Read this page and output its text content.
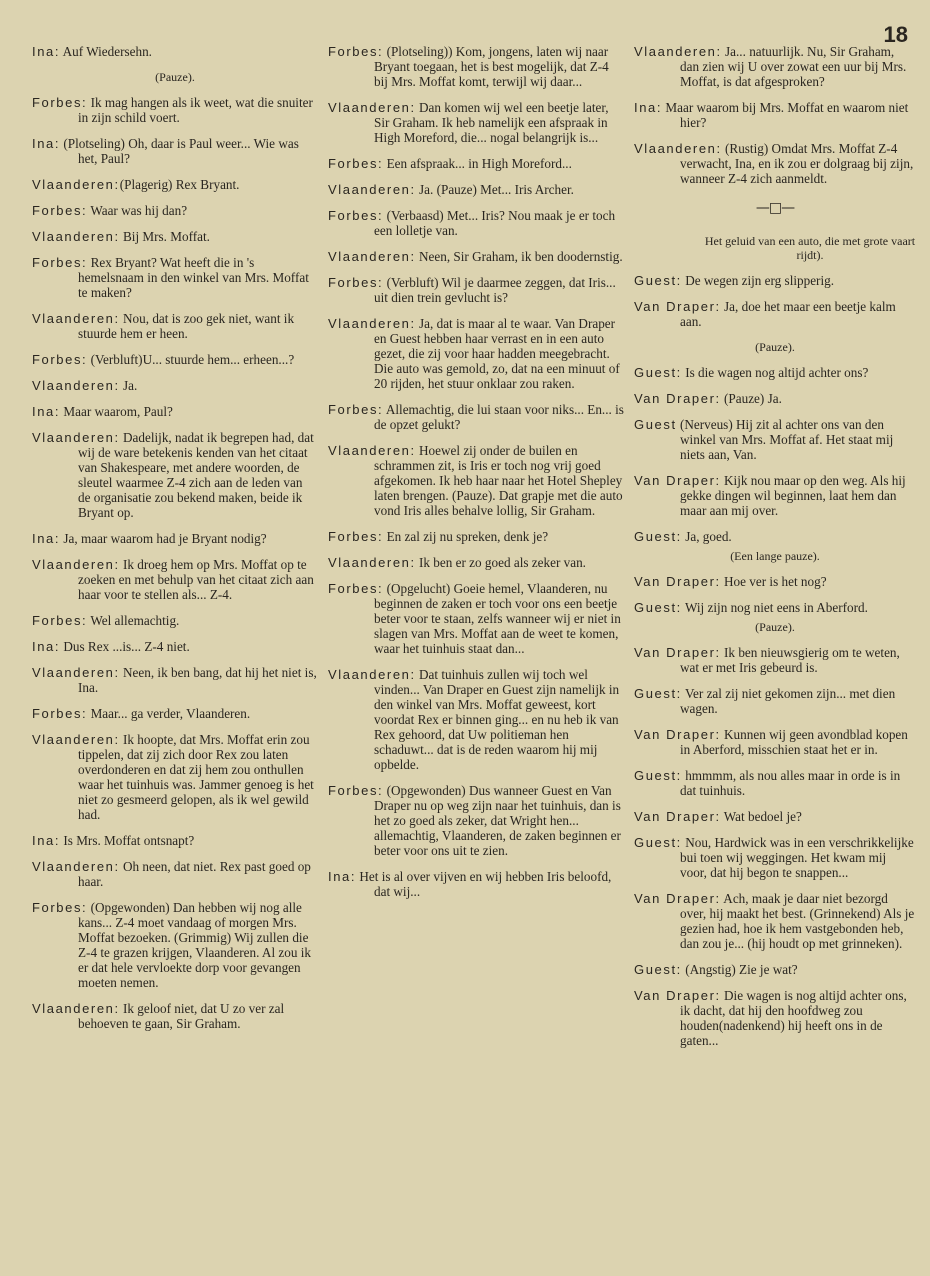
18
Ina: Auf Wiedersehn.
(Pauze).
Forbes: Ik mag hangen als ik weet, wat die snuiter in zijn schild voert.
Ina: (Plotseling) Oh, daar is Paul weer... Wie was het, Paul?
Vlaanderen:(Plagerig) Rex Bryant.
Forbes: Waar was hij dan?
Vlaanderen: Bij Mrs. Moffat.
Forbes: Rex Bryant? Wat heeft die in 's hemelsnaam in den winkel van Mrs. Moffat te maken?
Vlaanderen: Nou, dat is zoo gek niet, want ik stuurde hem er heen.
Forbes: (Verbluft)U... stuurde hem... erheen...?
Vlaanderen: Ja.
Ina: Maar waarom, Paul?
Vlaanderen: Dadelijk, nadat ik begrepen had, dat wij de ware betekenis kenden van het citaat van Shakespeare, met andere woorden, de sleutel waarmee Z-4 zich aan de leden van de organisatie zou bekend maken, beide ik Bryant op.
Ina: Ja, maar waarom had je Bryant nodig?
Vlaanderen: Ik droeg hem op Mrs. Moffat op te zoeken en met behulp van het citaat zich aan haar voor te stellen als... Z-4.
Forbes: Wel allemachtig.
Ina: Dus Rex ...is... Z-4 niet.
Vlaanderen: Neen, ik ben bang, dat hij het niet is, Ina.
Forbes: Maar... ga verder, Vlaanderen.
Vlaanderen: Ik hoopte, dat Mrs. Moffat erin zou tippelen, dat zij zich door Rex zou laten overdonderen en dat zij hem zou onthullen waar het tuinhuis was. Jammer genoeg is het niet zo gesmeerd gelopen, als ik wel gewild had.
Ina: Is Mrs. Moffat ontsnapt?
Vlaanderen: Oh neen, dat niet. Rex past goed op haar.
Forbes: (Opgewonden) Dan hebben wij nog alle kans... Z-4 moet vandaag of morgen Mrs. Moffat bezoeken. (Grimmig) Wij zullen die Z-4 te grazen krijgen, Vlaanderen. Al zou ik er dat hele vervloekte dorp voor gevangen moeten nemen.
Vlaanderen: Ik geloof niet, dat U zo ver zal behoeven te gaan, Sir Graham.
Forbes: (Plotseling)) Kom, jongens, laten wij naar Bryant toegaan, het is best mogelijk, dat Z-4 bij Mrs. Moffat komt, terwijl wij daar...
Vlaanderen: Dan komen wij wel een beetje later, Sir Graham. Ik heb namelijk een afspraak in High Moreford, die... nogal belangrijk is...
Forbes: Een afspraak... in High Moreford...
Vlaanderen: Ja. (Pauze) Met... Iris Archer.
Forbes: (Verbaasd) Met... Iris? Nou maak je er toch een lolletje van.
Vlaanderen: Neen, Sir Graham, ik ben doodernstig.
Forbes: (Verbluft) Wil je daarmee zeggen, dat Iris... uit dien trein gevlucht is?
Vlaanderen: Ja, dat is maar al te waar. Van Draper en Guest hebben haar verrast en in een auto gezet, die zij voor haar hadden meegebracht. Die auto was gemold, zo, dat na een minuut of 20 rijden, het stuur onklaar zou raken.
Forbes: Allemachtig, die lui staan voor niks... En... is de opzet gelukt?
Vlaanderen: Hoewel zij onder de builen en schrammen zit, is Iris er toch nog vrij goed afgekomen. Ik heb haar naar het Hotel Shepley laten brengen. (Pauze). Dat grapje met die auto vond Iris alles behalve lollig, Sir Graham.
Forbes: En zal zij nu spreken, denk je?
Vlaanderen: Ik ben er zo goed als zeker van.
Forbes: (Opgelucht) Goeie hemel, Vlaanderen, nu beginnen de zaken er toch voor ons een beetje beter voor te staan, zelfs wanneer wij er niet in slagen van Mrs. Moffat aan de weet te komen, waar het tuinhuis staat dan...
Vlaanderen: Dat tuinhuis zullen wij toch wel vinden... Van Draper en Guest zijn namelijk in den winkel van Mrs. Moffat geweest, kort voordat Rex er binnen ging... en nu heb ik van Rex gehoord, dat Uw politieman hen schaduwt... dat is de reden waarom hij mij opbelde.
Forbes: (Opgewonden) Dus wanneer Guest en Van Draper nu op weg zijn naar het tuinhuis, dan is het zo goed als zeker, dat Wright hen... allemachtig, Vlaanderen, de zaken beginnen er beter voor ons uit te zien.
Ina: Het is al over vijven en wij hebben Iris beloofd, dat wij...
Vlaanderen: Ja... natuurlijk. Nu, Sir Graham, dan zien wij U over zowat een uur bij Mrs. Moffat, is dat afgesproken?
Ina: Maar waarom bij Mrs. Moffat en waarom niet hier?
Vlaanderen: (Rustig) Omdat Mrs. Moffat Z-4 verwacht, Ina, en ik zou er dolgraag bij zijn, wanneer Z-4 zich aanmeldt.
—□—
Het geluid van een auto, die met grote vaart rijdt).
Guest: De wegen zijn erg slipperig.
Van Draper: Ja, doe het maar een beetje kalm aan.
(Pauze).
Guest: Is die wagen nog altijd achter ons?
Van Draper: (Pauze) Ja.
Guest (Nerveus) Hij zit al achter ons van den winkel van Mrs. Moffat af. Het staat mij niets aan, Van.
Van Draper: Kijk nou maar op den weg. Als hij gekke dingen wil beginnen, laat hem dan maar aan mij over.
Guest: Ja, goed.
(Een lange pauze).
Van Draper: Hoe ver is het nog?
Guest: Wij zijn nog niet eens in Aberford.
(Pauze).
Van Draper: Ik ben nieuwsgierig om te weten, wat er met Iris gebeurd is.
Guest: Ver zal zij niet gekomen zijn... met dien wagen.
Van Draper: Kunnen wij geen avondblad kopen in Aberford, misschien staat het er in.
Guest: hmmmm, als nou alles maar in orde is in dat tuinhuis.
Van Draper: Wat bedoel je?
Guest: Nou, Hardwick was in een verschrikkelijke bui toen wij weggingen. Het kwam mij voor, dat hij begon te snappen...
Van Draper: Ach, maak je daar niet bezorgd over, hij maakt het best. (Grinnekend) Als je gezien had, hoe ik hem vastgebonden heb, dan zou je... (hij houdt op met grinneken).
Guest: (Angstig) Zie je wat?
Van Draper: Die wagen is nog altijd achter ons, ik dacht, dat hij den hoofdweg zou houden(nadenkend) hij heeft ons in de gaten...
